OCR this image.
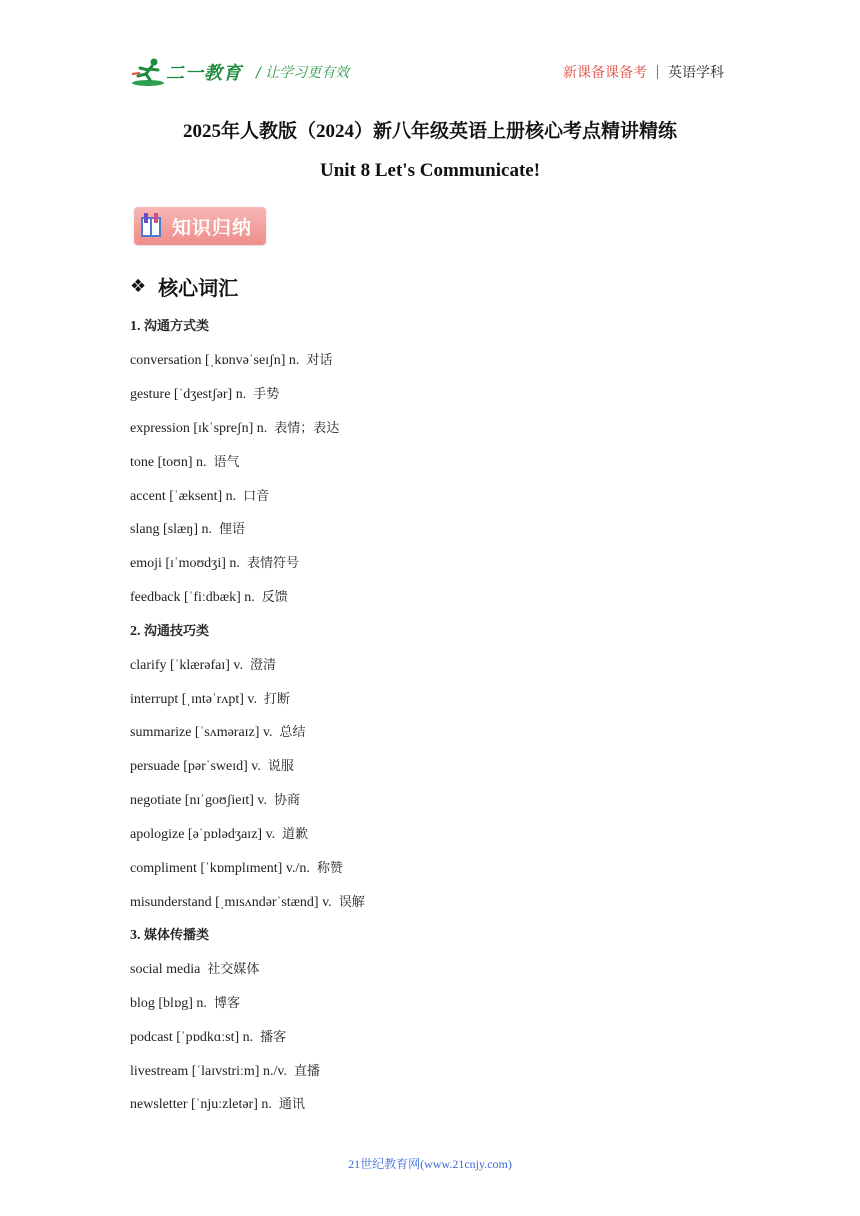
二一教育 / 让学习更有效	新课备课备考 英语学科
2025年人教版（2024）新八年级英语上册核心考点精讲精练
Unit 8 Let's Communicate!
知识归纳
❖ 核心词汇
1. 沟通方式类
conversation [ˌkɒnvəˈseɪʃn] n. 对话
gesture [ˈdʒestʃər] n. 手势
expression [ɪkˈspreʃn] n. 表情；表达
tone [toʊn] n. 语气
accent [ˈæksent] n. 口音
slang [slæŋ] n. 俚语
emoji [ɪˈmoʊdʒi] n. 表情符号
feedback [ˈfiːdbæk] n. 反馈
2. 沟通技巧类
clarify [ˈklærəfaɪ] v. 澄清
interrupt [ˌɪntəˈrʌpt] v. 打断
summarize [ˈsʌməraɪz] v. 总结
persuade [pərˈsweɪd] v. 说服
negotiate [nɪˈgoʊʃieɪt] v. 协商
apologize [əˈpɒlədʒaɪz] v. 道歉
compliment [ˈkɒmplɪment] v./n. 称赞
misunderstand [ˌmɪsʌndərˈstænd] v. 误解
3. 媒体传播类
social media 社交媒体
blog [blɒg] n. 博客
podcast [ˈpɒdkɑːst] n. 播客
livestream [ˈlaɪvstriːm] n./v. 直播
newsletter [ˈnjuːzletər] n. 通讯
21世纪教育网(www.21cnjy.com)
